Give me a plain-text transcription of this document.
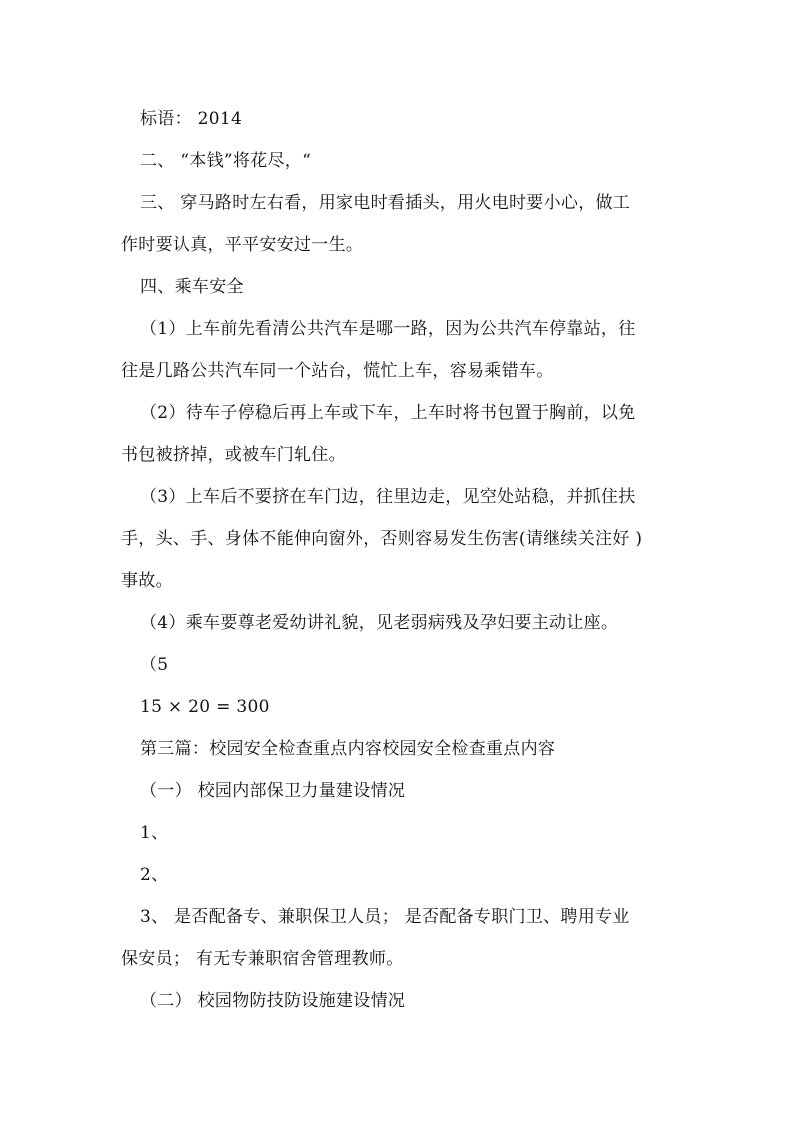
标语： 2014
二、 “本钱”将花尽，“
三、 穿马路时左右看，用家电时看插头，用火电时要小心，做工
作时要认真，平平安安过一生。
四、乘车安全
（1）上车前先看清公共汽车是哪一路，因为公共汽车停靠站，往
往是几路公共汽车同一个站台，慌忙上车，容易乘错车。
（2）待车子停稳后再上车或下车，上车时将书包置于胸前，以免
书包被挤掉，或被车门轧住。
（3）上车后不要挤在车门边，往里边走，见空处站稳，并抓住扶
手，头、手、身体不能伸向窗外，否则容易发生伤害(请继续关注好 )
事故。
（4）乘车要尊老爱幼讲礼貌，见老弱病残及孕妇要主动让座。
（5
15 × 20 = 300
第三篇：校园安全检查重点内容校园安全检查重点内容
（一） 校园内部保卫力量建设情况
1、
2、
3、 是否配备专、兼职保卫人员； 是否配备专职门卫、聘用专业
保安员； 有无专兼职宿舍管理教师。
（二） 校园物防技防设施建设情况
